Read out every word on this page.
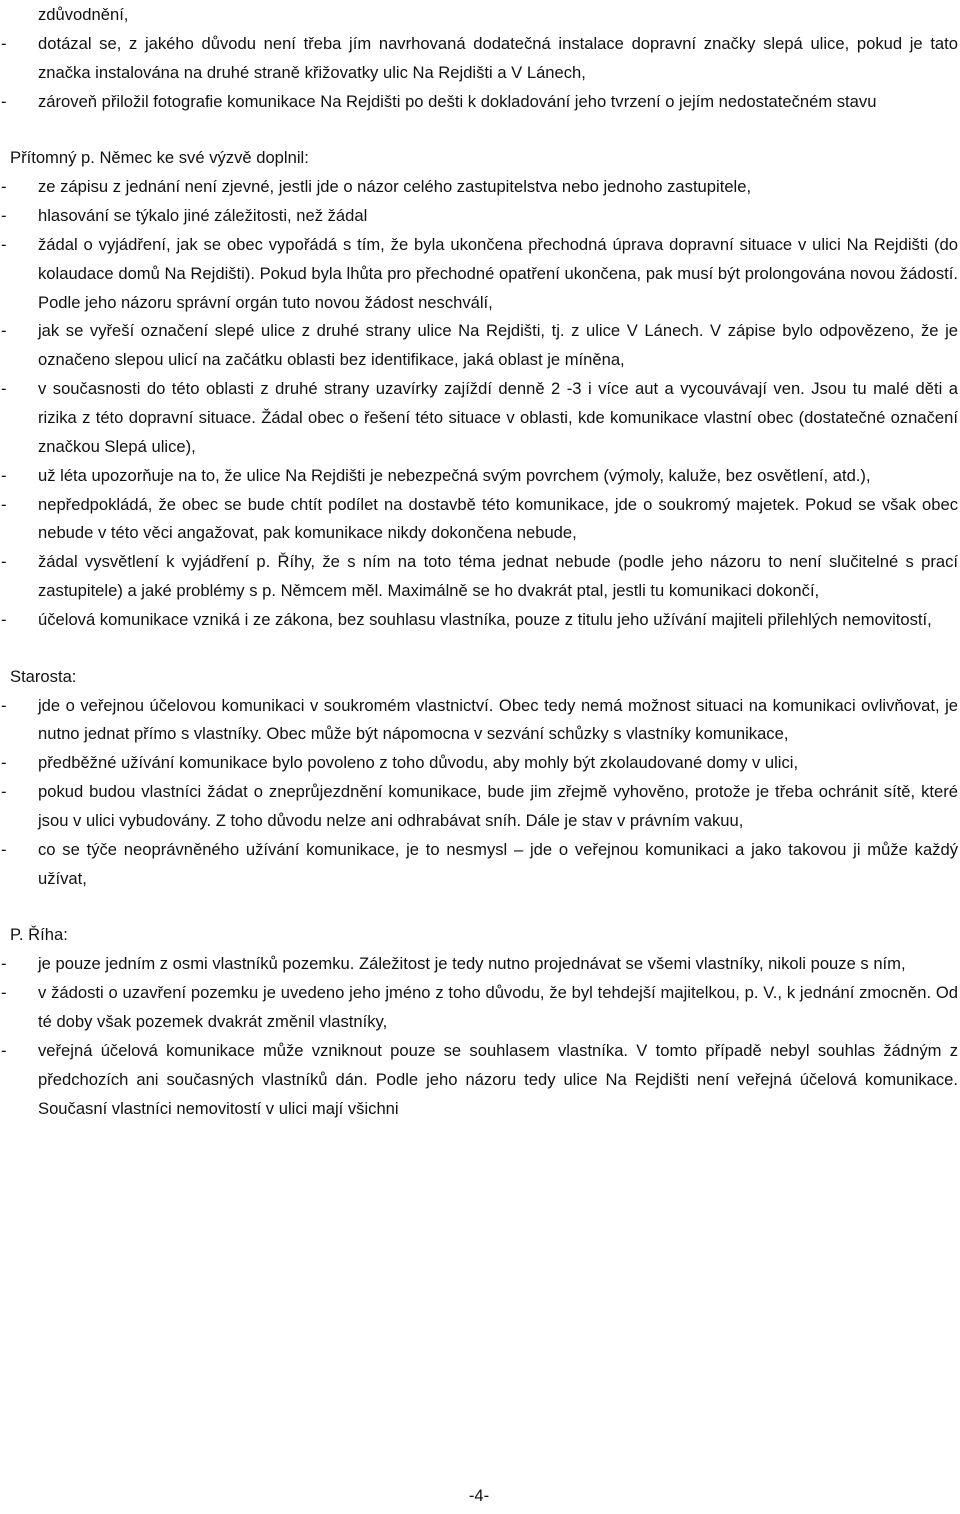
zdůvodnění,
-	dotázal se, z jakého důvodu není třeba jím navrhovaná dodatečná instalace dopravní značky slepá ulice, pokud je tato značka instalována na druhé straně křižovatky ulic Na Rejdišti a V Lánech,
-	zároveň přiložil fotografie komunikace Na Rejdišti po dešti k dokladování jeho tvrzení o jejím nedostatečném stavu
Přítomný p. Němec ke své výzvě doplnil:
-	ze zápisu z jednání není zjevné, jestli jde o názor celého zastupitelstva nebo jednoho zastupitele,
-	hlasování se týkalo jiné záležitosti, než žádal
-	žádal o vyjádření, jak se obec vypořádá s tím, že byla ukončena přechodná úprava dopravní situace v ulici Na Rejdišti (do kolaudace domů Na Rejdišti). Pokud byla lhůta pro přechodné opatření ukončena, pak musí být prolongována novou žádostí. Podle jeho názoru správní orgán tuto novou žádost neschválí,
-	jak se vyřeší označení slepé ulice z druhé strany ulice Na Rejdišti, tj. z ulice V Lánech. V zápise bylo odpovězeno, že je označeno slepou ulicí na začátku oblasti bez identifikace, jaká oblast je míněna,
-	v současnosti do této oblasti z druhé strany uzavírky zajíždí denně 2 -3 i více aut a vycouvávají ven. Jsou tu malé děti a rizika z této dopravní situace. Žádal obec o řešení této situace v oblasti, kde komunikace vlastní obec (dostatečné označení značkou Slepá ulice),
-	už léta upozorňuje na to, že ulice Na Rejdišti je nebezpečná svým povrchem (výmoly, kaluže, bez osvětlení, atd.),
-	nepředpokládá, že obec se bude chtít podílet na dostavbě této komunikace, jde o soukromý majetek. Pokud se však obec nebude v této věci angažovat, pak komunikace nikdy dokončena nebude,
-	žádal vysvětlení k vyjádření p. Říhy, že s ním na toto téma jednat nebude (podle jeho názoru to není slučitelné s prací zastupitele) a jaké problémy s p. Němcem měl. Maximálně se ho dvakrát ptal, jestli tu komunikaci dokončí,
-	účelová komunikace vzniká i ze zákona, bez souhlasu vlastníka, pouze z titulu jeho užívání majiteli přilehlých nemovitostí,
Starosta:
-	jde o veřejnou účelovou komunikaci v soukromém vlastnictví. Obec tedy nemá možnost situaci na komunikaci ovlivňovat, je nutno jednat přímo s vlastníky. Obec může být nápomocna v sezvání schůzky s vlastníky komunikace,
-	předběžné užívání komunikace bylo povoleno z toho důvodu, aby mohly být zkolaudované domy v ulici,
-	pokud budou vlastníci žádat o zneprůjezdnění komunikace, bude jim zřejmě vyhověno, protože je třeba ochránit sítě, které jsou v ulici vybudovány. Z toho důvodu nelze ani odhrabávat sníh. Dále je stav v právním vakuu,
-	co se týče neoprávněného užívání komunikace, je to nesmysl – jde o veřejnou komunikaci a jako takovou ji může každý užívat,
P. Říha:
-	je pouze jedním z osmi vlastníků pozemku. Záležitost je tedy nutno projednávat se všemi vlastníky, nikoli pouze s ním,
-	v žádosti o uzavření pozemku je uvedeno jeho jméno z toho důvodu, že byl tehdejší majitelkou, p. V., k jednání zmocněn. Od té doby však pozemek dvakrát změnil vlastníky,
-	veřejná účelová komunikace může vzniknout pouze se souhlasem vlastníka. V tomto případě nebyl souhlas žádným z předchozích ani současných vlastníků dán. Podle jeho názoru tedy ulice Na Rejdišti není veřejná účelová komunikace. Současní vlastníci nemovitostí v ulici mají všichni
-4-
